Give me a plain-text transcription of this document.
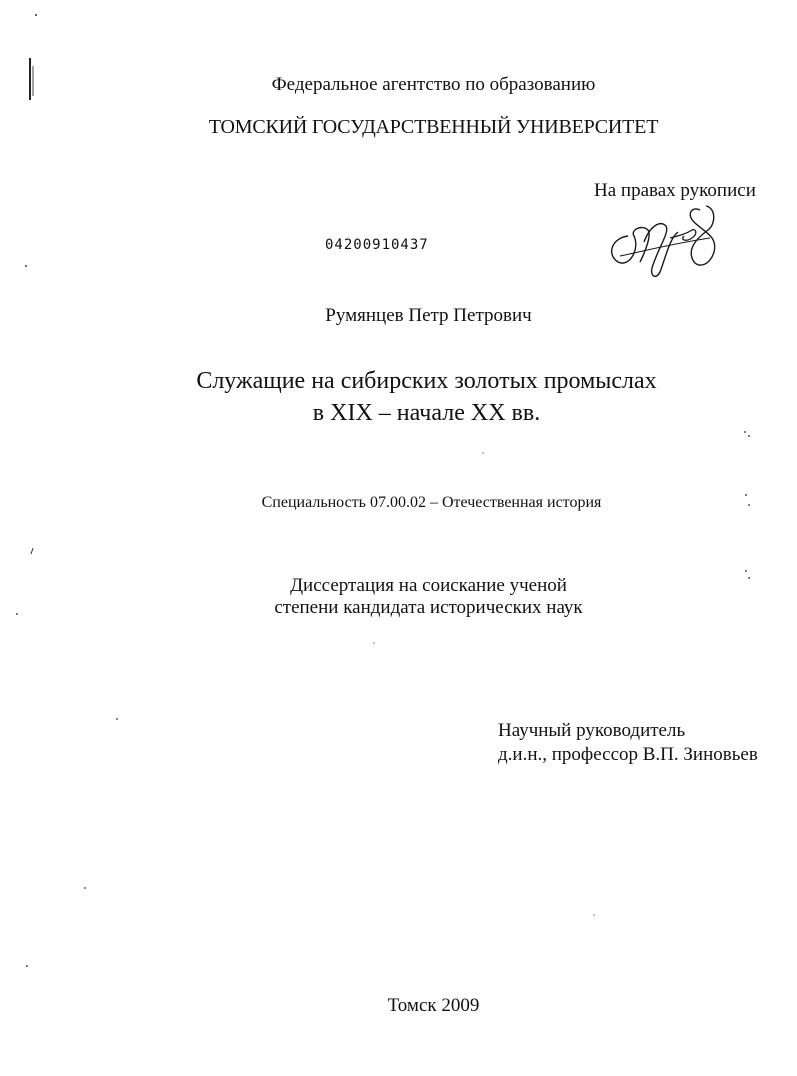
Федеральное агентство по образованию
ТОМСКИЙ ГОСУДАРСТВЕННЫЙ УНИВЕРСИТЕТ
На правах рукописи
04200910437
Румянцев Петр Петрович
Служащие на сибирских золотых промыслах
в XIX – начале XX вв.
Специальность 07.00.02 – Отечественная история
Диссертация на соискание ученой
степени кандидата исторических наук
Научный руководитель
д.и.н., профессор В.П. Зиновьев
Томск 2009
